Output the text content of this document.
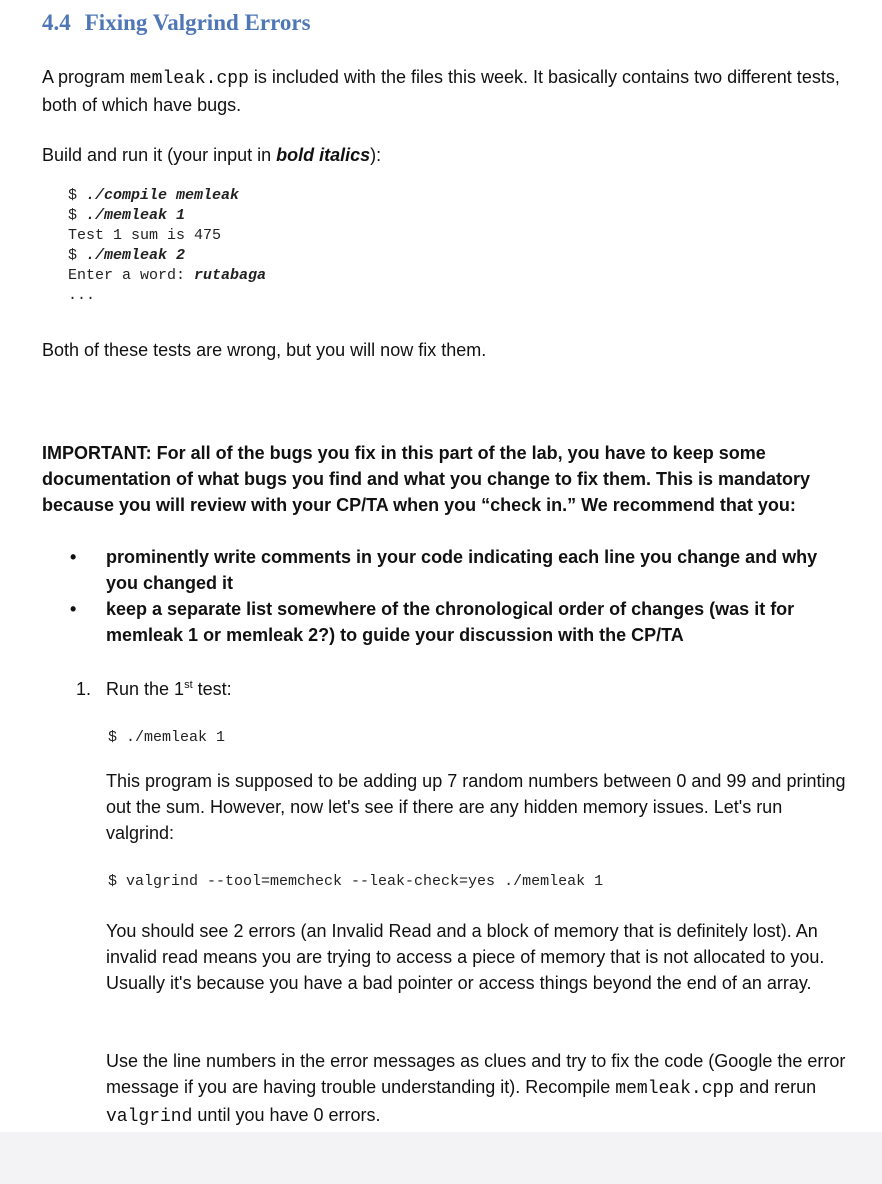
4.4 Fixing Valgrind Errors

A program memleak.cpp is included with the files this week. It basically contains two different tests, both of which have bugs.

Build and run it (your input in bold italics):

$ ./compile memleak
$ ./memleak 1
Test 1 sum is 475
$ ./memleak 2
Enter a word: rutabaga
...

Both of these tests are wrong, but you will now fix them.

IMPORTANT: For all of the bugs you fix in this part of the lab, you have to keep some documentation of what bugs you find and what you change to fix them. This is mandatory because you will review with your CP/TA when you “check in.” We recommend that you:

• prominently write comments in your code indicating each line you change and why you changed it
• keep a separate list somewhere of the chronological order of changes (was it for memleak 1 or memleak 2?) to guide your discussion with the CP/TA

1. Run the 1st test:

$ ./memleak 1

This program is supposed to be adding up 7 random numbers between 0 and 99 and printing out the sum. However, now let's see if there are any hidden memory issues. Let's run valgrind:

$ valgrind --tool=memcheck --leak-check=yes ./memleak 1

You should see 2 errors (an Invalid Read and a block of memory that is definitely lost). An invalid read means you are trying to access a piece of memory that is not allocated to you. Usually it's because you have a bad pointer or access things beyond the end of an array.

Use the line numbers in the error messages as clues and try to fix the code (Google the error message if you are having trouble understanding it). Recompile memleak.cpp and rerun valgrind until you have 0 errors.
